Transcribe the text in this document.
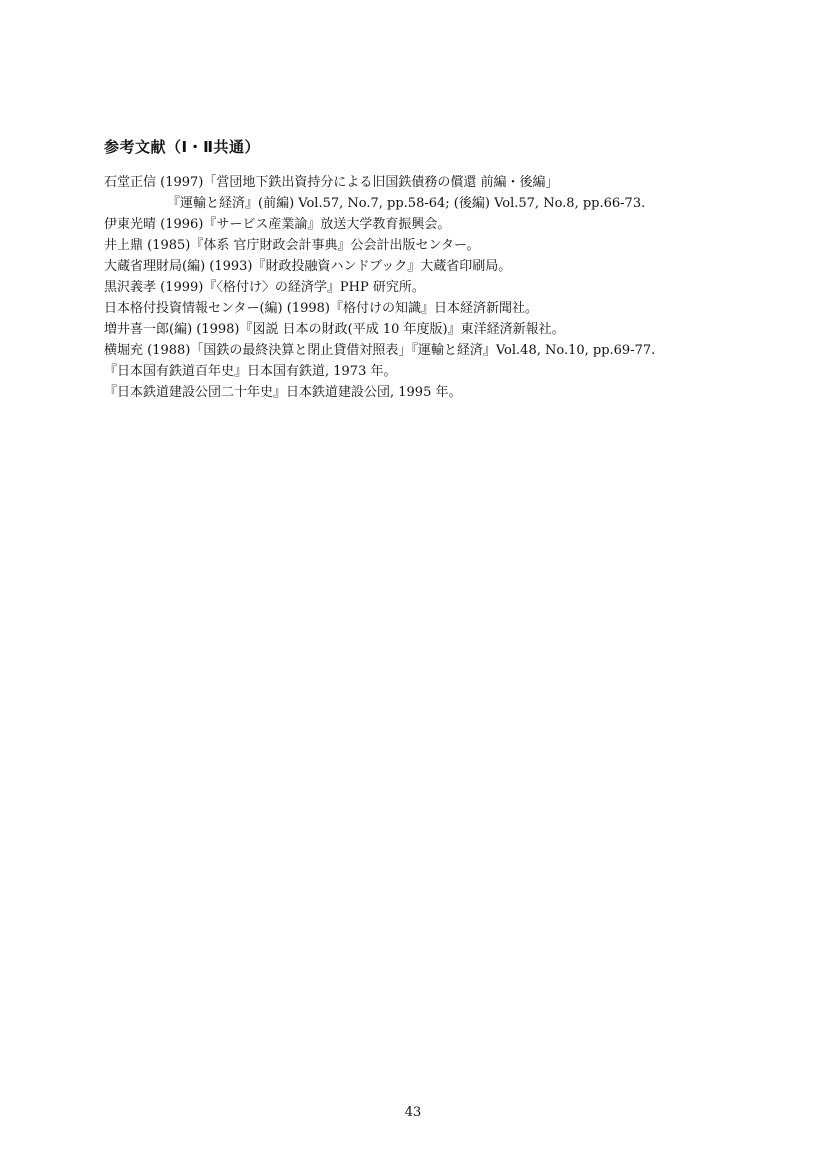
参考文献（Ⅰ・Ⅱ共通）
石堂正信 (1997)「営団地下鉄出資持分による旧国鉄債務の償還 前編・後編」
『運輸と経済』(前編) Vol.57, No.7, pp.58-64; (後編) Vol.57, No.8, pp.66-73.
伊東光晴 (1996)『サービス産業論』放送大学教育振興会。
井上鼎 (1985)『体系 官庁財政会計事典』公会計出版センター。
大蔵省理財局(編) (1993)『財政投融資ハンドブック』大蔵省印刷局。
黒沢義孝 (1999)『〈格付け〉の経済学』PHP 研究所。
日本格付投資情報センター(編) (1998)『格付けの知識』日本経済新聞社。
増井喜一郎(編) (1998)『図説 日本の財政(平成 10 年度版)』東洋経済新報社。
横堀充 (1988)「国鉄の最終決算と閉止貸借対照表」『運輸と経済』Vol.48, No.10, pp.69-77.
『日本国有鉄道百年史』日本国有鉄道, 1973 年。
『日本鉄道建設公団二十年史』日本鉄道建設公団, 1995 年。
43
